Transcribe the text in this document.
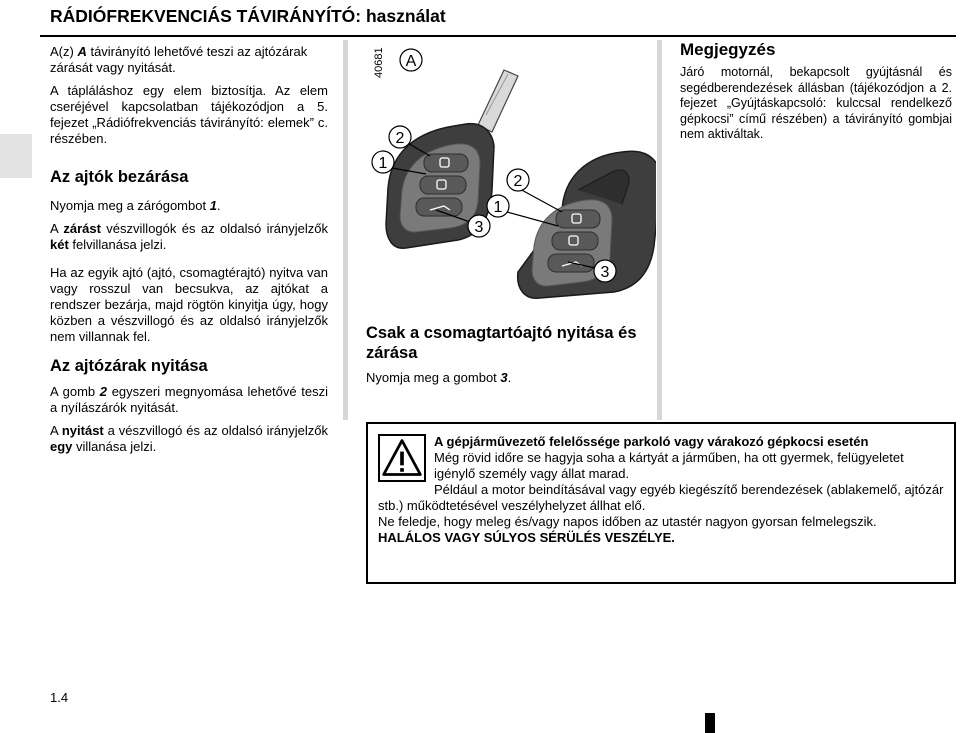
RÁDIÓFREKVENCIÁS TÁVIRÁNYÍTÓ: használat

A(z) A távirányító lehetővé teszi az ajtózárak zárását vagy nyitását.

A tápláláshoz egy elem biztosítja. Az elem cseréjével kapcsolatban tájékozódjon a 5. fejezet „Rádiófrekvenciás távirányító: elemek” c. részében.

Az ajtók bezárása

Nyomja meg a zárógombot 1.

A zárást vészvillogók és az oldalsó irányjelzők két felvillanása jelzi.

Ha az egyik ajtó (ajtó, csomagtérajtó) nyitva van vagy rosszul van becsukva, az ajtókat a rendszer bezárja, majd rögtön kinyitja úgy, hogy közben a vészvillogó és az oldalsó irányjelzők nem villannak fel.

Az ajtózárak nyitása

A gomb 2 egyszeri megnyomása lehetővé teszi a nyílászárók nyitását.

A nyitást a vészvillogó és az oldalsó irányjelzők egy villanása jelzi.

40681 A
1
2
3
1
2
3
Csak a csomagtartóajtó nyitása és zárása
Nyomja meg a gombot 3.
Megjegyzés
Járó motornál, bekapcsolt gyújtásnál és segédberendezések állásban (tájékozódjon a 2. fejezet „Gyújtáskapcsoló: kulccsal rendelkező gépkocsi” című részében) a távirányító gombjai nem aktiváltak.
A gépjárművezető felelőssége parkoló vagy várakozó gépkocsi esetén
Még rövid időre se hagyja soha a kártyát a járműben, ha ott gyermek, felügyeletet igénylő személy vagy állat marad.
Például a motor beindításával vagy egyéb kiegészítő berendezések (ablakemelő, ajtózár stb.) működtetésével veszélyhelyzet állhat elő.
Ne feledje, hogy meleg és/vagy napos időben az utastér nagyon gyorsan felmelegszik.
HALÁLOS VAGY SÚLYOS SÉRÜLÉS VESZÉLYE.
1.4
